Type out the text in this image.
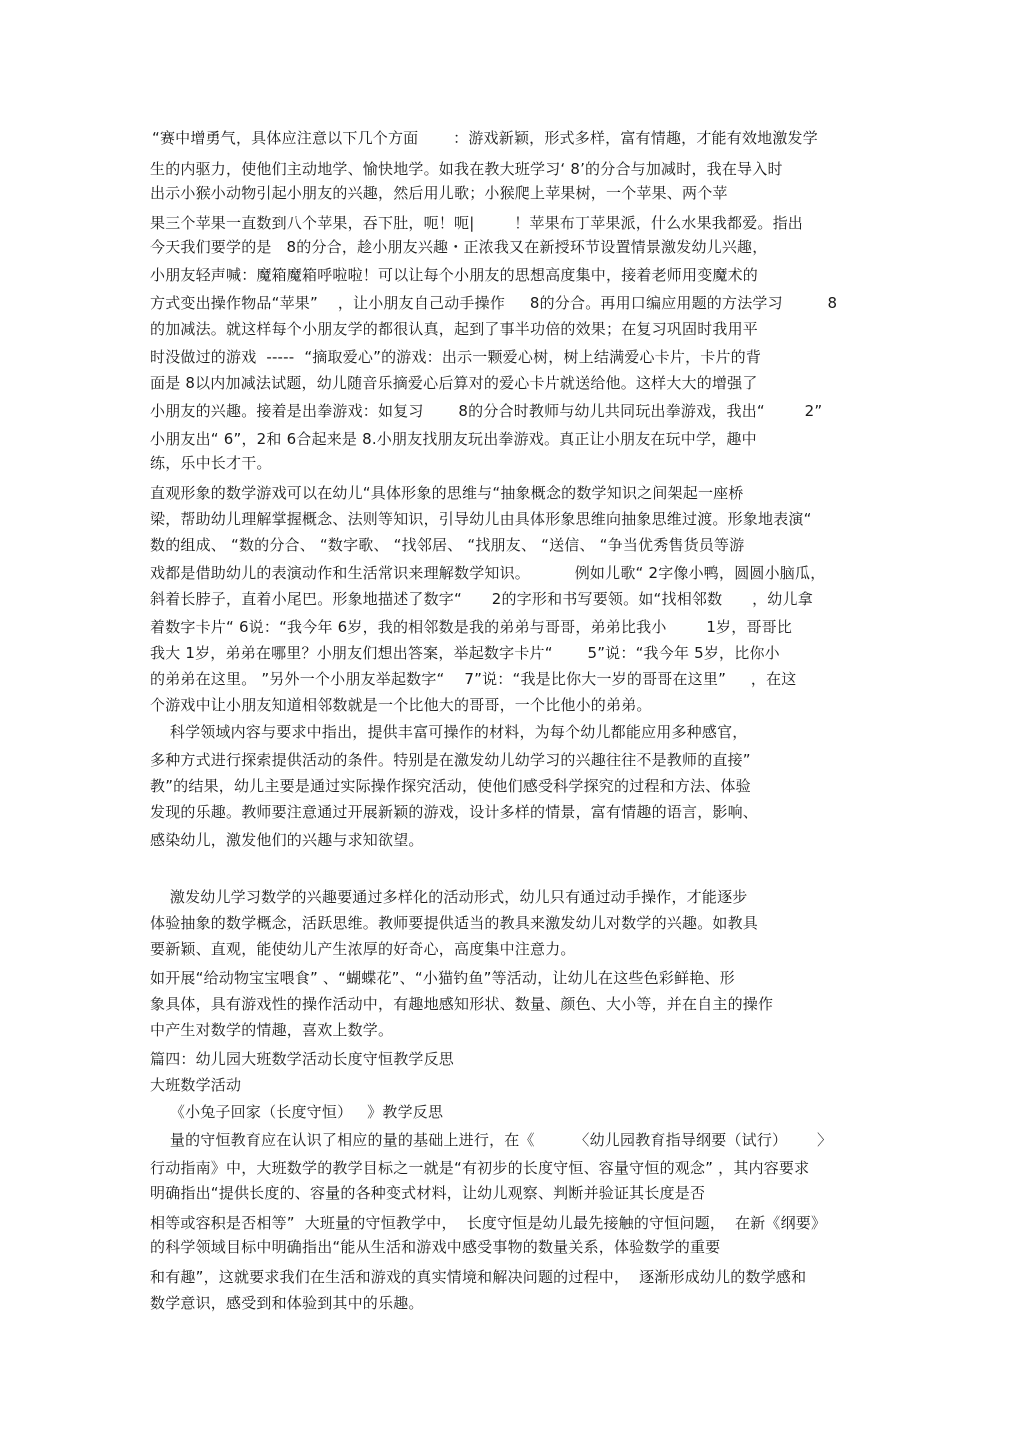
“赛中增勇气，具体应注意以下几个方面       ：游戏新颖，形式多样，富有情趣，才能有效地激发学
生的内驱力，使他们主动地学、愉快地学。如我在教大班学习‘ 8’的分合与加减时，我在导入时
出示小猴小动物引起小朋友的兴趣，然后用儿歌；小猴爬上苹果树，一个苹果、两个苹
果三个苹果一直数到八个苹果，吞下肚，呃！呃|        ！苹果布丁苹果派，什么水果我都爱。指出
今天我们要学的是   8的分合，趁小朋友兴趣・正浓我又在新授环节设置情景激发幼儿兴趣，
小朋友轻声喊：魔箱魔箱呼啦啦！可以让每个小朋友的思想高度集中，接着老师用变魔术的
方式变出操作物品“苹果”    ，让小朋友自己动手操作     8的分合。再用口编应用题的方法学习         8
的加减法。就这样每个小朋友学的都很认真，起到了事半功倍的效果；在复习巩固时我用平
时没做过的游戏  -----  “摘取爱心”的游戏：出示一颗爱心树，树上结满爱心卡片，卡片的背
面是 8以内加减法试题，幼儿随音乐摘爱心后算对的爱心卡片就送给他。这样大大的增强了
小朋友的兴趣。接着是出拳游戏：如复习       8的分合时教师与幼儿共同玩出拳游戏，我出“        2”
小朋友出“ 6”，2和 6合起来是 8.小朋友找朋友玩出拳游戏。真正让小朋友在玩中学，趣中
练，乐中长才干。
直观形象的数学游戏可以在幼儿“具体形象的思维与“抽象概念的数学知识之间架起一座桥
梁，帮助幼儿理解掌握概念、法则等知识，引导幼儿由具体形象思维向抽象思维过渡。形象地表演“
数的组成、 “数的分合、 “数字歌、 “找邻居、 “找朋友、 “送信、 “争当优秀售货员等游
戏都是借助幼儿的表演动作和生活常识来理解数学知识。         例如儿歌“ 2字像小鸭，圆圆小脑瓜，
斜着长脖子，直着小尾巴。形象地描述了数字“      2的字形和书写要领。如“找相邻数      ，幼儿拿
着数字卡片“ 6说：“我今年 6岁，我的相邻数是我的弟弟与哥哥，弟弟比我小        1岁，哥哥比
我大 1岁，弟弟在哪里？小朋友们想出答案，举起数字卡片“       5”说：“我今年 5岁，比你小
的弟弟在这里。 ”另外一个小朋友举起数字“    7”说：“我是比你大一岁的哥哥在这里”     ，在这
个游戏中让小朋友知道相邻数就是一个比他大的哥哥，一个比他小的弟弟。
科学领域内容与要求中指出，提供丰富可操作的材料，为每个幼儿都能应用多种感官，
多种方式进行探索提供活动的条件。特别是在激发幼儿幼学习的兴趣往往不是教师的直接”
教”的结果，幼儿主要是通过实际操作探究活动，使他们感受科学探究的过程和方法、体验
发现的乐趣。教师要注意通过开展新颖的游戏，设计多样的情景，富有情趣的语言，影响、
感染幼儿，激发他们的兴趣与求知欲望。
激发幼儿学习数学的兴趣要通过多样化的活动形式，幼儿只有通过动手操作，才能逐步
体验抽象的数学概念，活跃思维。教师要提供适当的教具来激发幼儿对数学的兴趣。如教具
要新颖、直观，能使幼儿产生浓厚的好奇心，高度集中注意力。
如开展“给动物宝宝喂食” 、“蝴蝶花”、“小猫钓鱼”等活动，让幼儿在这些色彩鲜艳、形
象具体，具有游戏性的操作活动中，有趣地感知形状、数量、颜色、大小等，并在自主的操作
中产生对数学的情趣，喜欢上数学。
篇四：幼儿园大班数学活动长度守恒教学反思
大班数学活动
《小兔子回家（长度守恒）   》教学反思
量的守恒教育应在认识了相应的量的基础上进行，在《        〈幼儿园教育指导纲要（试行）      〉
行动指南》中，大班数学的教学目标之一就是“有初步的长度守恒、容量守恒的观念” ，其内容要求
明确指出“提供长度的、容量的各种变式材料，让幼儿观察、判断并验证其长度是否
相等或容积是否相等”  大班量的守恒教学中，  长度守恒是幼儿最先接触的守恒问题，  在新《纲要》
的科学领域目标中明确指出“能从生活和游戏中感受事物的数量关系，体验数学的重要
和有趣”，这就要求我们在生活和游戏的真实情境和解决问题的过程中，  逐渐形成幼儿的数学感和
数学意识，感受到和体验到其中的乐趣。
